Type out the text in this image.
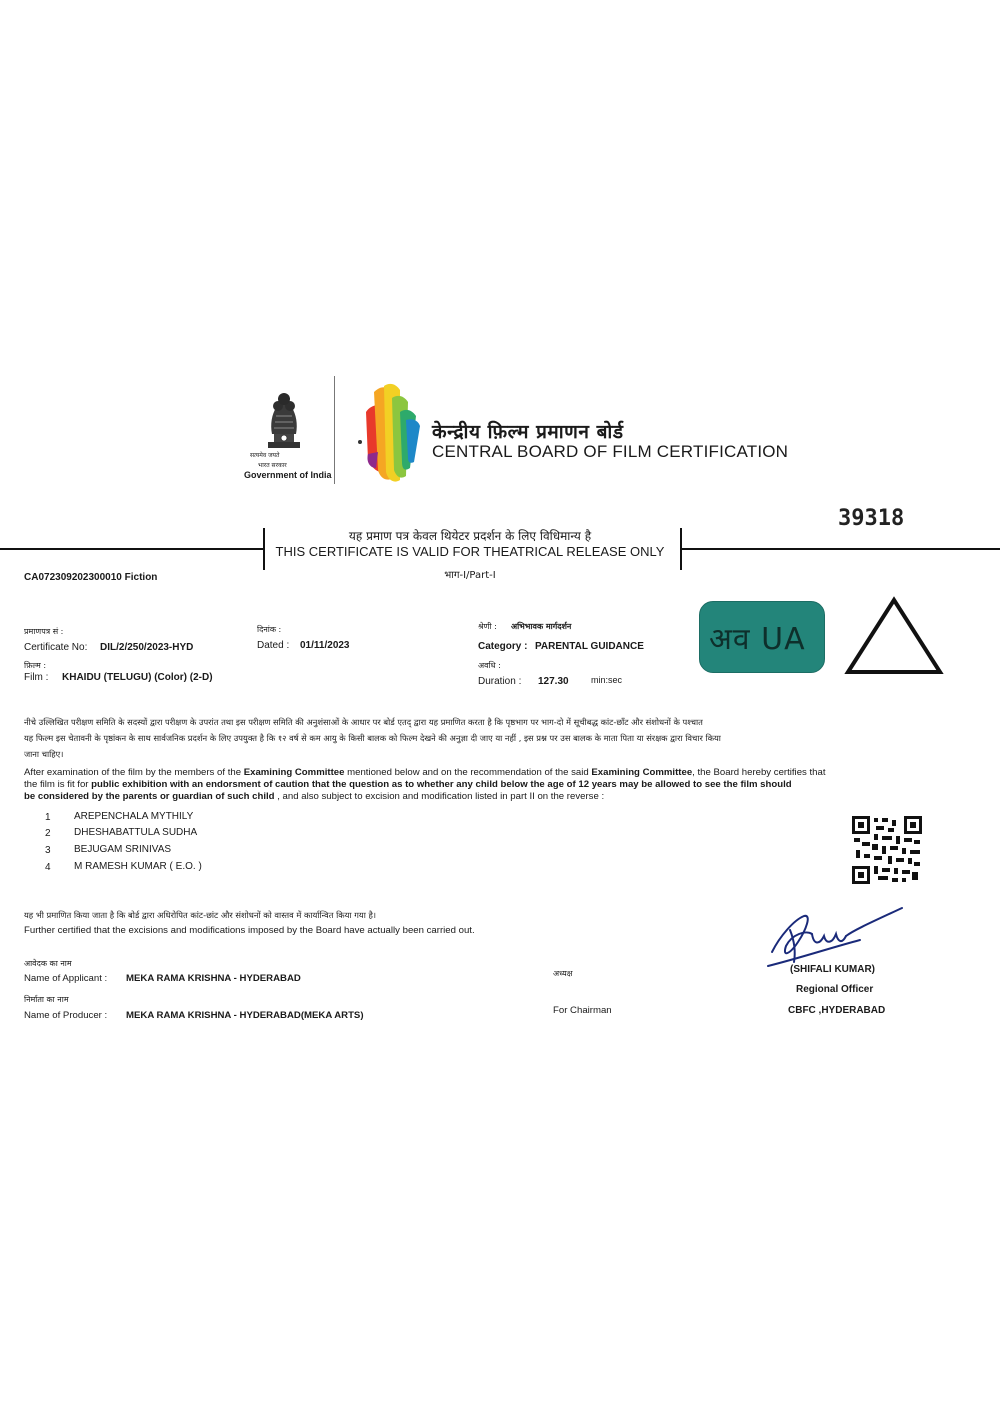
सत्यमेव जयते
भारत सरकार
Government of India
केन्द्रीय फ़िल्म प्रमाणन बोर्ड
CENTRAL BOARD OF FILM CERTIFICATION
39318
यह प्रमाण पत्र केवल थियेटर प्रदर्शन के लिए विधिमान्य है
THIS CERTIFICATE IS VALID FOR THEATRICAL RELEASE ONLY
भाग-I/Part-I
CA072309202300010 Fiction
प्रमाणपत्र सं :
Certificate No: DIL/2/250/2023-HYD
दिनांक :
Dated : 01/11/2023
फ़िल्म :
Film : KHAIDU (TELUGU) (Color) (2-D)
श्रेणी : अभिभावक मार्गदर्शन
Category : PARENTAL GUIDANCE
अवधि :
Duration : 127.30 min:sec
अव UA
नीचे उल्लिखित परीक्षण समिति के सदस्यों द्वारा परीक्षण के उपरांत तथा इस परीक्षण समिति की अनुशंसाओं के आधार पर बोर्ड एतद् द्वारा यह प्रमाणित करता है कि पृष्ठभाग पर भाग-दो में सूचीबद्ध कांट-छाँट और संशोधनों के पश्चात
यह फिल्म इस चेतावनी के पृष्ठांकन के साथ सार्वजनिक प्रदर्शन के लिए उपयुक्त है कि १२ वर्ष से कम आयु के किसी बालक को फिल्म देखने की अनुज्ञा दी जाए या नहीं , इस प्रश्न पर उस बालक के माता पिता या संरक्षक द्वारा विचार किया
जाना चाहिए।
After examination of the film by the members of the Examining Committee mentioned below and on the recommendation of the said Examining Committee, the Board hereby certifies that
the film is fit for public exhibition with an endorsment of caution that the question as to whether any child below the age of 12 years may be allowed to see the film should
be considered by the parents or guardian of such child , and also subject to excision and modification listed in part II on the reverse :
1 AREPENCHALA MYTHILY
2 DHESHABATTULA SUDHA
3 BEJUGAM SRINIVAS
4 M RAMESH KUMAR ( E.O. )
यह भी प्रमाणित किया जाता है कि बोर्ड द्वारा अधिरोपित कांट-छांट और संशोधनों को वास्तव में कार्यान्वित किया गया है।
Further certified that the excisions and modifications imposed by the Board have actually been carried out.
आवेदक का नाम
Name of Applicant : MEKA RAMA KRISHNA - HYDERABAD
निर्माता का नाम
Name of Producer : MEKA RAMA KRISHNA - HYDERABAD(MEKA ARTS)
अध्यक्ष
For Chairman
(SHIFALI KUMAR)
Regional Officer
CBFC ,HYDERABAD
